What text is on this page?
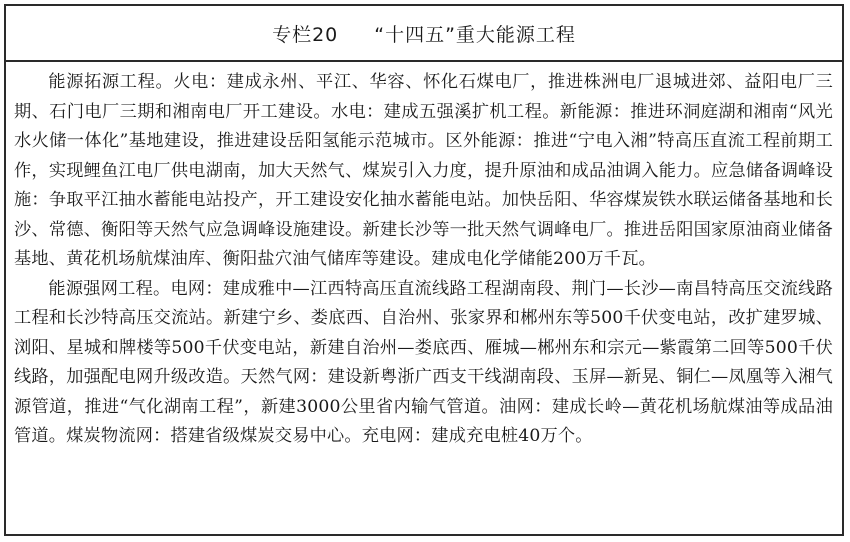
专栏20 “十四五”重大能源工程

能源拓源工程。火电：建成永州、平江、华容、怀化石煤电厂，推进株洲电厂退城进郊、益阳电厂三期、石门电厂三期和湘南电厂开工建设。水电：建成五强溪扩机工程。新能源：推进环洞庭湖和湘南“风光水火储一体化”基地建设，推进建设岳阳氢能示范城市。区外能源：推进“宁电入湘”特高压直流工程前期工作，实现鲤鱼江电厂供电湖南，加大天然气、煤炭引入力度，提升原油和成品油调入能力。应急储备调峰设施：争取平江抽水蓄能电站投产，开工建设安化抽水蓄能电站。加快岳阳、华容煤炭铁水联运储备基地和长沙、常德、衡阳等天然气应急调峰设施建设。新建长沙等一批天然气调峰电厂。推进岳阳国家原油商业储备基地、黄花机场航煤油库、衡阳盐穴油气储库等建设。建成电化学储能200万千瓦。

能源强网工程。电网：建成雅中—江西特高压直流线路工程湖南段、荆门—长沙—南昌特高压交流线路工程和长沙特高压交流站。新建宁乡、娄底西、自治州、张家界和郴州东等500千伏变电站，改扩建罗城、浏阳、星城和牌楼等500千伏变电站，新建自治州—娄底西、雁城—郴州东和宗元—紫霞第二回等500千伏线路，加强配电网升级改造。天然气网：建设新粤浙广西支干线湖南段、玉屏—新晃、铜仁—凤凰等入湘气源管道，推进“气化湖南工程”，新建3000公里省内输气管道。油网：建成长岭—黄花机场航煤油等成品油管道。煤炭物流网：搭建省级煤炭交易中心。充电网：建成充电桩40万个。
